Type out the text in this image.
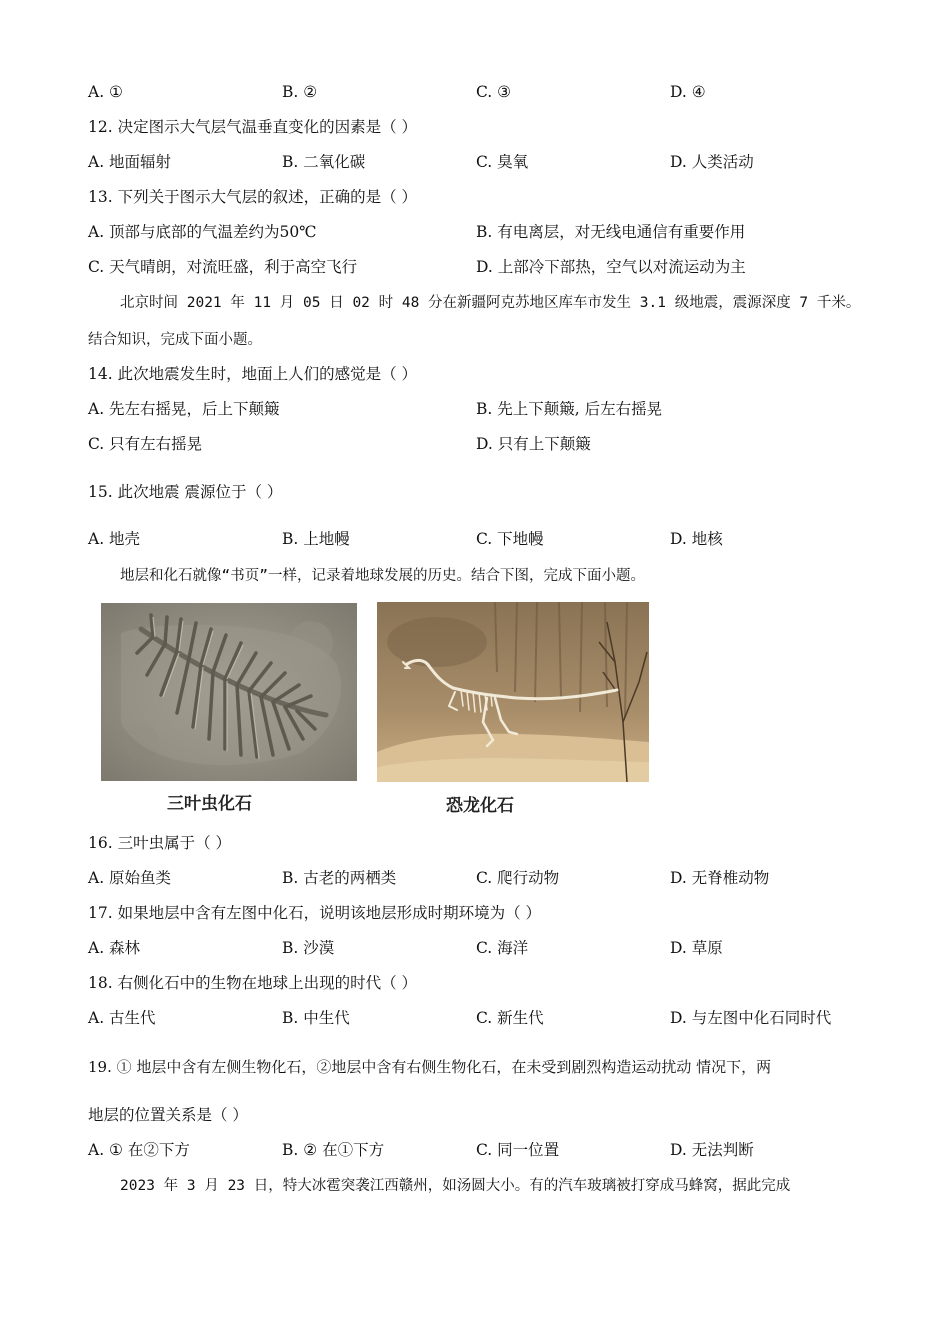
A. ①	B. ②	C. ③	D. ④
12. 决定图示大气层气温垂直变化的因素是（ ）
A. 地面辐射	B. 二氧化碳	C. 臭氧	D. 人类活动
13. 下列关于图示大气层的叙述，正确的是（ ）
A. 顶部与底部的气温差约为50℃	B. 有电离层，对无线电通信有重要作用
C. 天气晴朗，对流旺盛，利于高空飞行	D. 上部冷下部热，空气以对流运动为主
北京时间 2021 年 11 月 05 日 02 时 48 分在新疆阿克苏地区库车市发生 3.1 级地震，震源深度 7 千米。
结合知识，完成下面小题。
14. 此次地震发生时，地面上人们的感觉是（ ）
A. 先左右摇晃，后上下颠簸	B. 先上下颠簸, 后左右摇晃
C. 只有左右摇晃	D. 只有上下颠簸
15. 此次地震 震源位于（ ）
A. 地壳	B. 上地幔	C. 下地幔	D. 地核
地层和化石就像“书页”一样，记录着地球发展的历史。结合下图，完成下面小题。
三叶虫化石	恐龙化石
16. 三叶虫属于（ ）
A. 原始鱼类	B. 古老的两栖类	C. 爬行动物	D. 无脊椎动物
17. 如果地层中含有左图中化石，说明该地层形成时期环境为（ ）
A. 森林	B. 沙漠	C. 海洋	D. 草原
18. 右侧化石中的生物在地球上出现的时代（ ）
A. 古生代	B. 中生代	C. 新生代	D. 与左图中化石同时代
19. ① 地层中含有左侧生物化石，②地层中含有右侧生物化石，在未受到剧烈构造运动扰动 情况下，两
地层的位置关系是（ ）
A. ① 在②下方	B. ② 在①下方	C. 同一位置	D. 无法判断
2023 年 3 月 23 日，特大冰雹突袭江西赣州，如汤圆大小。有的汽车玻璃被打穿成马蜂窝，据此完成
